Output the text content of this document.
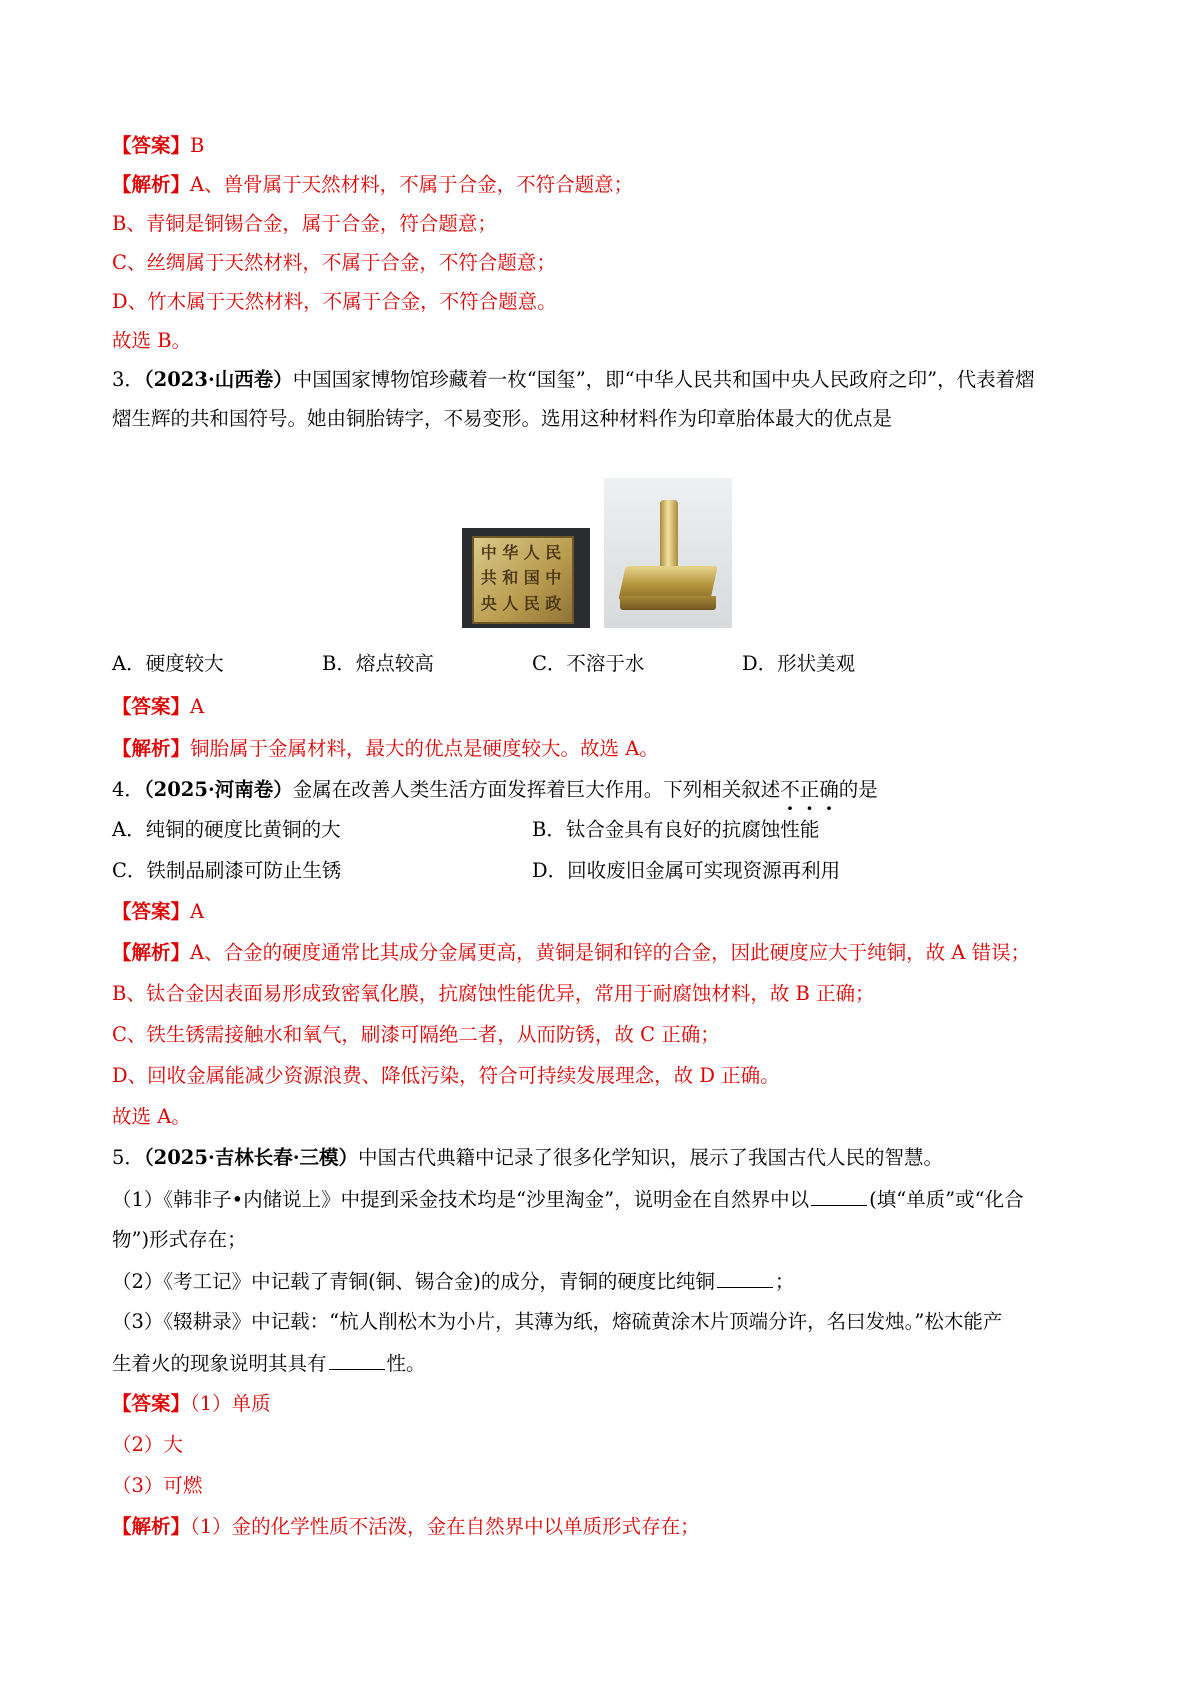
【答案】B
【解析】A、兽骨属于天然材料，不属于合金，不符合题意；
B、青铜是铜锡合金，属于合金，符合题意；
C、丝绸属于天然材料，不属于合金，不符合题意；
D、竹木属于天然材料，不属于合金，不符合题意。
故选 B。
3．（2023·山西卷）中国国家博物馆珍藏着一枚“国玺”，即“中华人民共和国中央人民政府之印”，代表着熠
熠生辉的共和国符号。她由铜胎铸字，不易变形。选用这种材料作为印章胎体最大的优点是
中 华 人 民
共 和 国 中
央 人 民 政
A．硬度较大	B．熔点较高	C．不溶于水	D．形状美观
【答案】A
【解析】铜胎属于金属材料，最大的优点是硬度较大。故选 A。
4．（2025·河南卷）金属在改善人类生活方面发挥着巨大作用。下列相关叙述不正确的是
A．纯铜的硬度比黄铜的大	B．钛合金具有良好的抗腐蚀性能
C．铁制品刷漆可防止生锈	D．回收废旧金属可实现资源再利用
【答案】A
【解析】A、合金的硬度通常比其成分金属更高，黄铜是铜和锌的合金，因此硬度应大于纯铜，故 A 错误；
B、钛合金因表面易形成致密氧化膜，抗腐蚀性能优异，常用于耐腐蚀材料，故 B 正确；
C、铁生锈需接触水和氧气，刷漆可隔绝二者，从而防锈，故 C 正确；
D、回收金属能减少资源浪费、降低污染，符合可持续发展理念，故 D 正确。
故选 A。
5．（2025·吉林长春·三模）中国古代典籍中记录了很多化学知识，展示了我国古代人民的智慧。
（1）《韩非子•内储说上》中提到采金技术均是“沙里淘金”，说明金在自然界中以	(填“单质”或“化合
物”)形式存在；
（2）《考工记》中记载了青铜(铜、锡合金)的成分，青铜的硬度比纯铜	；
（3）《辍耕录》中记载：“杭人削松木为小片，其薄为纸，熔硫黄涂木片顶端分许，名曰发烛。”松木能产
生着火的现象说明其具有	性。
【答案】（1）单质
（2）大
（3）可燃
【解析】（1）金的化学性质不活泼，金在自然界中以单质形式存在；
